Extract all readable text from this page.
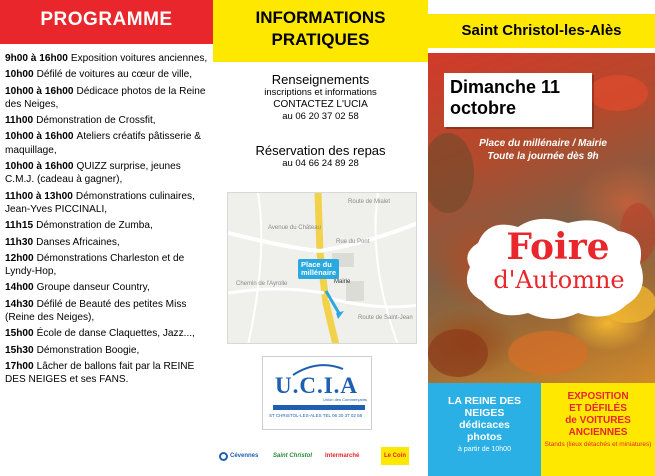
PROGRAMME
9h00 à 16h00 Exposition voitures anciennes,
10h00 Défilé de voitures au cœur de ville,
10h00 à 16h00 Dédicace photos de la Reine des Neiges,
11h00 Démonstration de Crossfit,
10h00 à 16h00 Ateliers créatifs pâtisserie & maquillage,
10h00 à 16h00 QUIZZ surprise, jeunes C.M.J. (cadeau à gagner),
11h00 à 13h00 Démonstrations culinaires, Jean-Yves PICCINALI,
11h15 Démonstration de Zumba,
11h30 Danses Africaines,
12h00 Démonstrations Charleston et de Lyndy-Hop,
14h00 Groupe danseur Country,
14h30 Défilé de Beauté des petites Miss (Reine des Neiges),
15h00 École de danse Claquettes, Jazz...,
15h30 Démonstration Boogie,
17h00 Lâcher de ballons fait par la REINE DES NEIGES et ses FANS.
INFORMATIONS
PRATIQUES
Renseignements
inscriptions et informations
CONTACTEZ L'UCIA
au 06 20 37 02 58
Réservation des repas
au 04 66 24 89 28
Route de Mialet
Avenue du Château
Rue du Pont
Chemin de l'Ayrolle
Route de Saint-Jean
Mairie
Place du
millénaire
U.C.I.A
Union des Commerçants
ST CHRISTOL-LES-ALES TEL 06 20 37 02 58
Cévennes Saint Christol Intermarché	Le Coin
Saint Christol-les-Alès
Dimanche 11
octobre
Place du millénaire / Mairie
Toute la journée dès 9h
Foire
d'Automne
LA REINE DES
NEIGES
dédicaces
photos
à partir de 10h00
EXPOSITION
ET DÉFILÉS
de VOITURES
ANCIENNES
Stands (lieux détachés et miniatures)
